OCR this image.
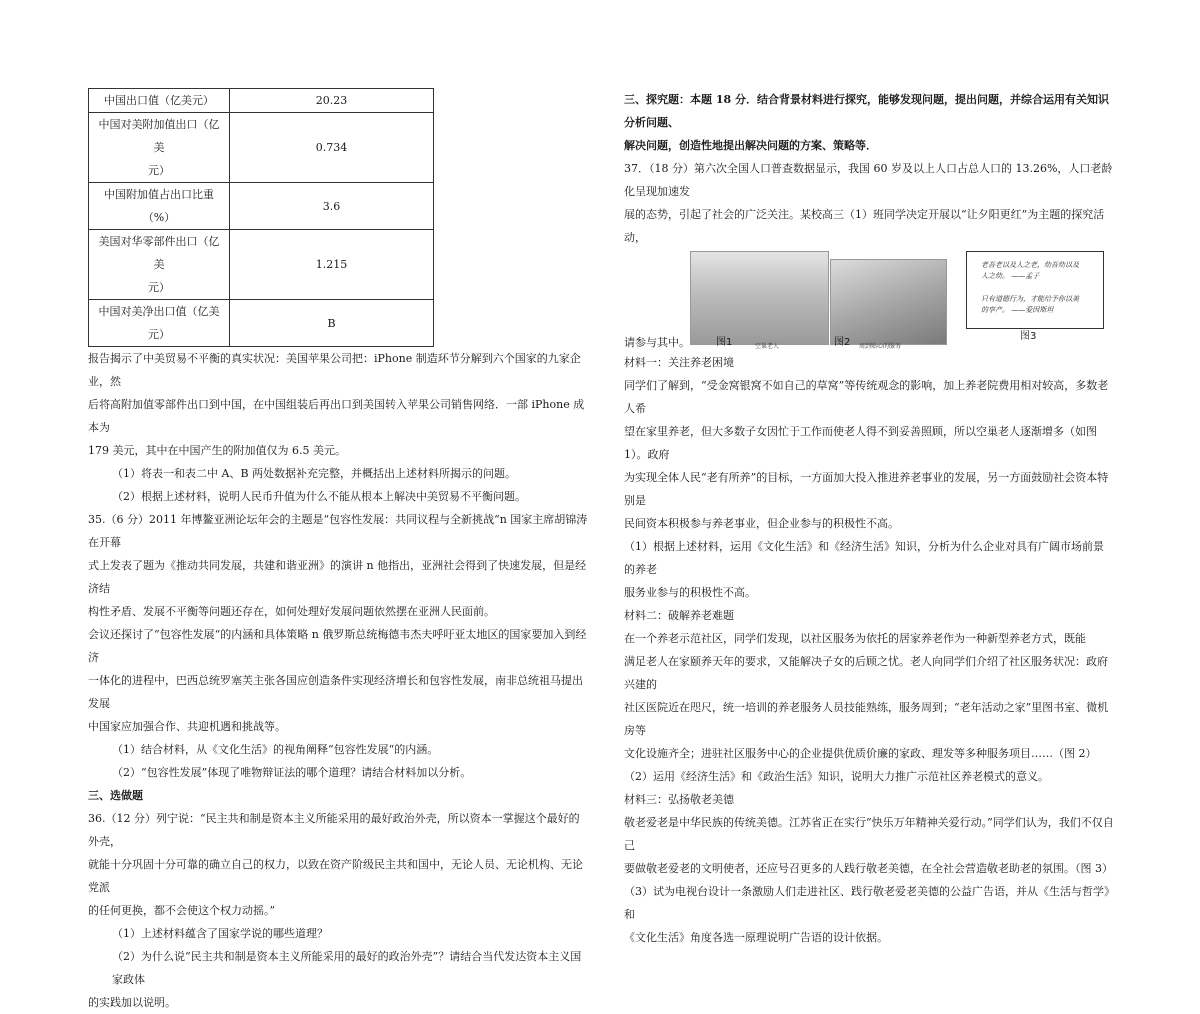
中国出口值（亿美元）	20.23
中国对美附加值出口（亿美
元）	0.734
中国附加值占出口比重（%）	3.6
美国对华零部件出口（亿美
元）	1.215
中国对美净出口值（亿美元）	B

报告揭示了中美贸易不平衡的真实状况：美国苹果公司把：iPhone 制造环节分解到六个国家的九家企业，然
后将高附加值零部件出口到中国，在中国组装后再出口到美国转入苹果公司销售网络．一部 iPhone 成本为
179 美元，其中在中国产生的附加值仅为 6.5 美元。

（1）将表一和表二中 A、B 两处数据补充完整，并概括出上述材料所揭示的问题。

（2）根据上述材料，说明人民币升值为什么不能从根本上解决中美贸易不平衡问题。

35.（6 分）2011 年博鳌亚洲论坛年会的主题是“包容性发展：共同议程与全新挑战“n 国家主席胡锦涛在开幕
式上发表了题为《推动共同发展，共建和谐亚洲》的演讲 n 他指出，亚洲社会得到了快速发展，但是经济结
构性矛盾、发展不平衡等问题还存在，如何处理好发展问题依然摆在亚洲人民面前。

会议还探讨了“包容性发展“的内涵和具体策略 n 俄罗斯总统梅德韦杰夫呼吁亚太地区的国家要加入到经济
一体化的进程中，巴西总统罗塞芙主张各国应创造条件实现经济增长和包容性发展，南非总统祖马提出发展
中国家应加强合作、共迎机遇和挑战等。

（1）结合材料，从《文化生活》的视角阐释“包容性发展“的内涵。

（2）“包容性发展”体现了唯物辩证法的哪个道理？请结合材料加以分析。

三、选做题

36.（12 分）列宁说：“民主共和制是资本主义所能采用的最好政治外壳，所以资本一掌握这个最好的外壳，
就能十分巩固十分可靠的确立自己的权力，以致在资产阶级民主共和国中，无论人员、无论机构、无论党派
的任何更换，都不会使这个权力动摇。”

（1）上述材料蕴含了国家学说的哪些道理？

（2）为什么说“民主共和制是资本主义所能采用的最好的政治外壳”？请结合当代发达资本主义国家政体
的实践加以说明。

三、探究题：本题 18 分．结合背景材料进行探究，能够发现问题，提出问题，并综合运用有关知识分析问题、
解决问题，创造性地提出解决问题的方案、策略等．

37．（18 分）第六次全国人口普查数据显示，我国 60 岁及以上人口占总人口的 13.26%，人口老龄化呈现加速发
展的态势，引起了社会的广泛关注。某校高三（1）班同学决定开展以“让夕阳更红”为主题的探究活动，

空巢老人	周到贴心的服务
老吾老以及人之老，幼吾幼以及
人之幼。 ——孟子
只有道德行为，才能给予你以美
的享产。 ——爱因斯坦
请参与其中。	图1	图2
图3

材料一：关注养老困境

同学们了解到，“受金窝银窝不如自己的草窝”等传统观念的影响，加上养老院费用相对较高，多数老人希
望在家里养老，但大多数子女因忙于工作而使老人得不到妥善照顾，所以空巢老人逐渐增多（如图 1）。政府
为实现全体人民“老有所养”的目标，一方面加大投入推进养老事业的发展，另一方面鼓励社会资本特别是
民间资本积极参与养老事业，但企业参与的积极性不高。

（1）根据上述材料，运用《文化生活》和《经济生活》知识，分析为什么企业对具有广阔市场前景的养老
服务业参与的积极性不高。

材料二：破解养老难题

在一个养老示范社区，同学们发现，以社区服务为依托的居家养老作为一种新型养老方式，既能
满足老人在家颐养天年的要求，又能解决子女的后顾之忧。老人向同学们介绍了社区服务状况：政府兴建的
社区医院近在咫尺，统一培训的养老服务人员技能熟练，服务周到；“老年活动之家”里图书室、微机房等
文化设施齐全；进驻社区服务中心的企业提供优质价廉的家政、理发等多种服务项目……（图 2）

（2）运用《经济生活》和《政治生活》知识，说明大力推广示范社区养老模式的意义。

材料三：弘扬敬老美德

敬老爱老是中华民族的传统美德。江苏省正在实行“快乐万年精神关爱行动。”同学们认为，我们不仅自己
要做敬老爱老的文明使者，还应号召更多的人践行敬老美德，在全社会营造敬老助老的氛围。（图 3）

（3）试为电视台设计一条激励人们走进社区、践行敬老爱老美德的公益广告语，并从《生活与哲学》和
《文化生活》角度各选一原理说明广告语的设计依据。
